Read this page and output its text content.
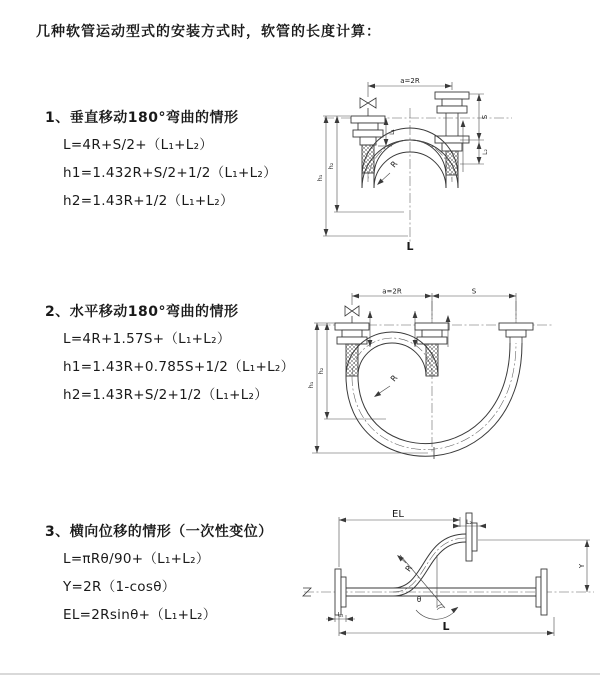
几种软管运动型式的安装方式时，软管的长度计算：
1、垂直移动180°弯曲的情形
L=4R+S/2+（L₁+L₂）
h1=1.432R+S/2+1/2（L₁+L₂）
h2=1.43R+1/2（L₁+L₂）
2、水平移动180°弯曲的情形
L=4R+1.57S+（L₁+L₂）
h1=1.43R+0.785S+1/2（L₁+L₂）
h2=1.43R+S/2+1/2（L₁+L₂）
3、横向位移的情形（一次性变位）
L=πRθ/90+（L₁+L₂）
Y=2R（1-cosθ）
EL=2Rsinθ+（L₁+L₂）
a=2R
S
L₂
L₁
h₁
h₂	R
L
a=2R	S
h₁
h₂
R
θ
EL
L₂
Y
R
L₁
L
